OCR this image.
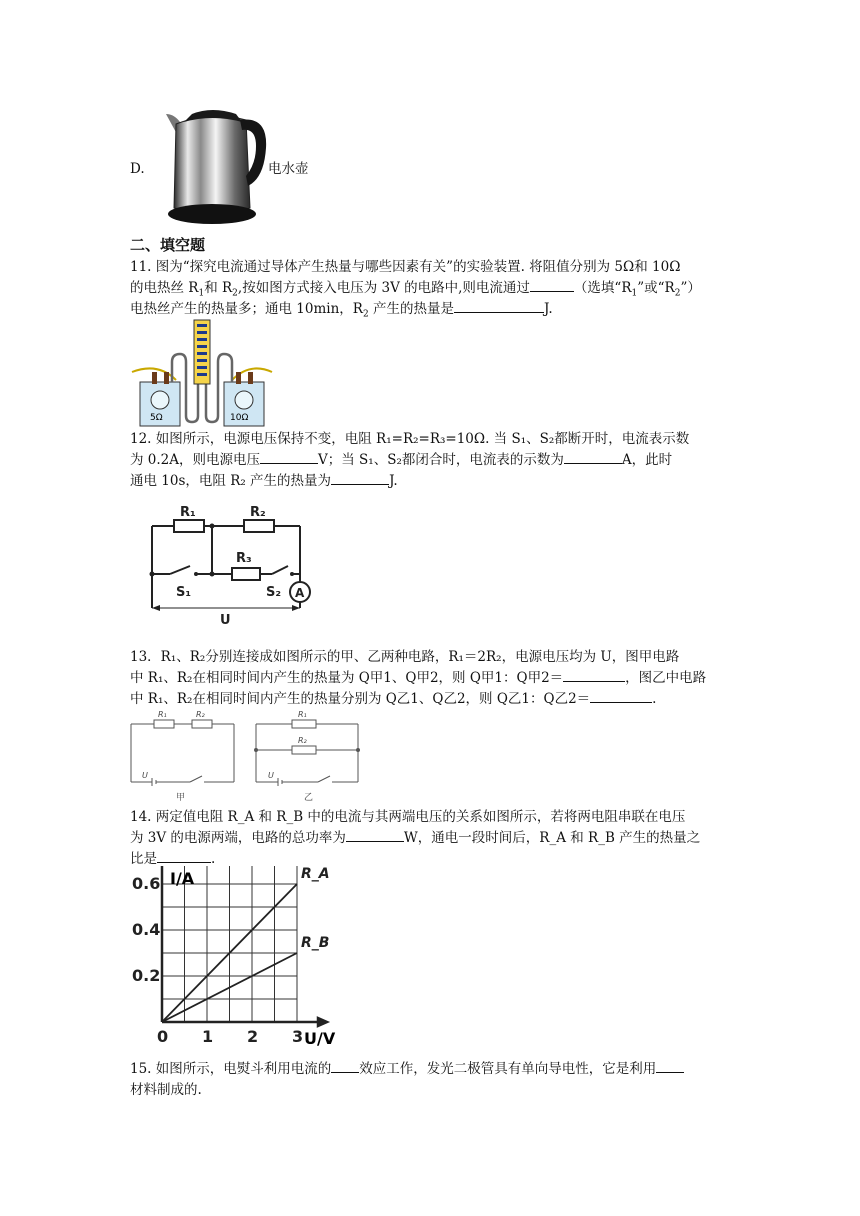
D.	电水壶
二、填空题
11. 图为“探究电流通过导体产生热量与哪些因素有关”的实验装置. 将阻值分别为 5Ω和 10Ω
的电热丝 $R_1$和 $R_2$,按如图方式接入电压为 3V 的电路中,则电流通过	（选填“$R_1$”或“$R_2$”）
电热丝产生的热量多；通电 10min，$R_2$ 产生的热量是	J.
5Ω	10Ω
12. 如图所示，电源电压保持不变，电阻 R₁=R₂=R₃=10Ω. 当 S₁、S₂都断开时，电流表示数
为 0.2A，则电源电压	V；当 S₁、S₂都闭合时，电流表的示数为	A，此时
通电 10s，电阻 R₂ 产生的热量为	J.
R₁	R₂
R₃
S₁	S₂ A
U
13．R₁、R₂分别连接成如图所示的甲、乙两种电路，R₁＝2R₂，电源电压均为 U，图甲电路
中 R₁、R₂在相同时间内产生的热量为 Q甲1、Q甲2，则 Q甲1：Q甲2＝	，图乙中电路
中 R₁、R₂在相同时间内产生的热量分别为 Q乙1、Q乙2，则 Q乙1：Q乙2＝	.
R₁	R₂
U
R₁
R₂
U
甲	乙
14. 两定值电阻 R_A 和 R_B 中的电流与其两端电压的关系如图所示，若将两电阻串联在电压
为 3V 的电源两端，电路的总功率为	W，通电一段时间后，R_A 和 R_B 产生的热量之
比是	.
0.2
0.4
0.6
0 1 2 3
R_A
R_B
I/A
U/V
15. 如图所示，电熨斗利用电流的 效应工作，发光二极管具有单向导电性，它是利用
材料制成的.
